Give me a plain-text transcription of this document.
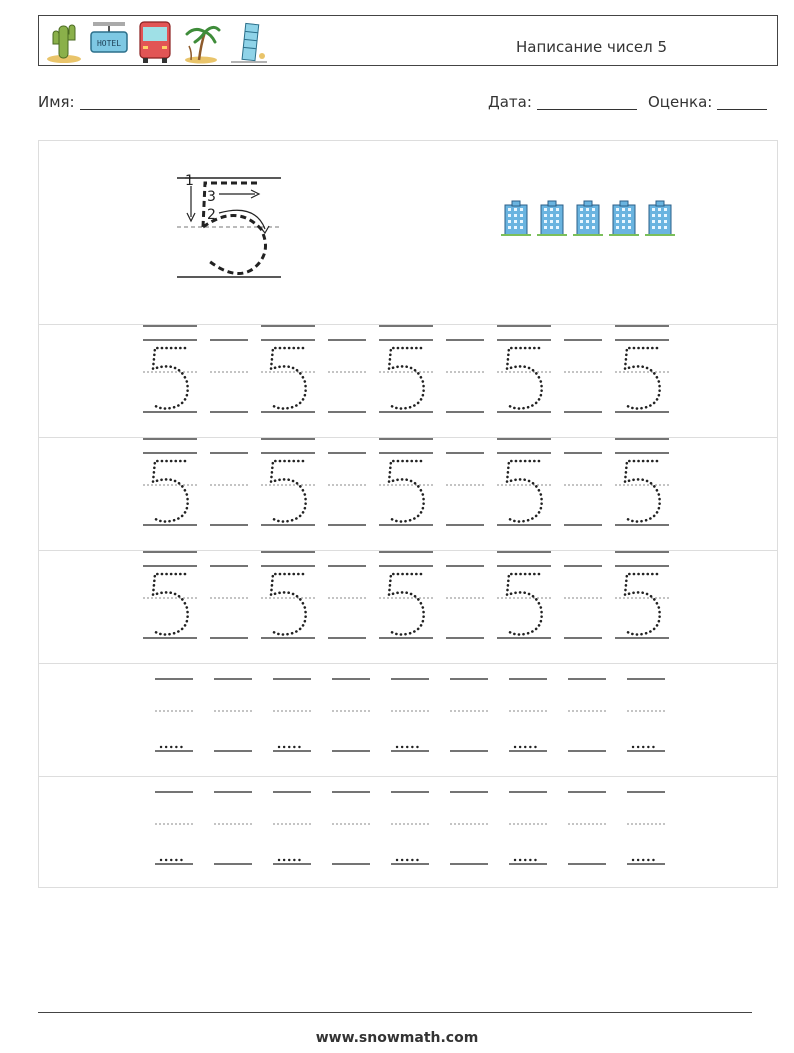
HOTEL	Написание чисел 5
Имя:	Дата:	Оценка:
1
2
3
www.snowmath.com
